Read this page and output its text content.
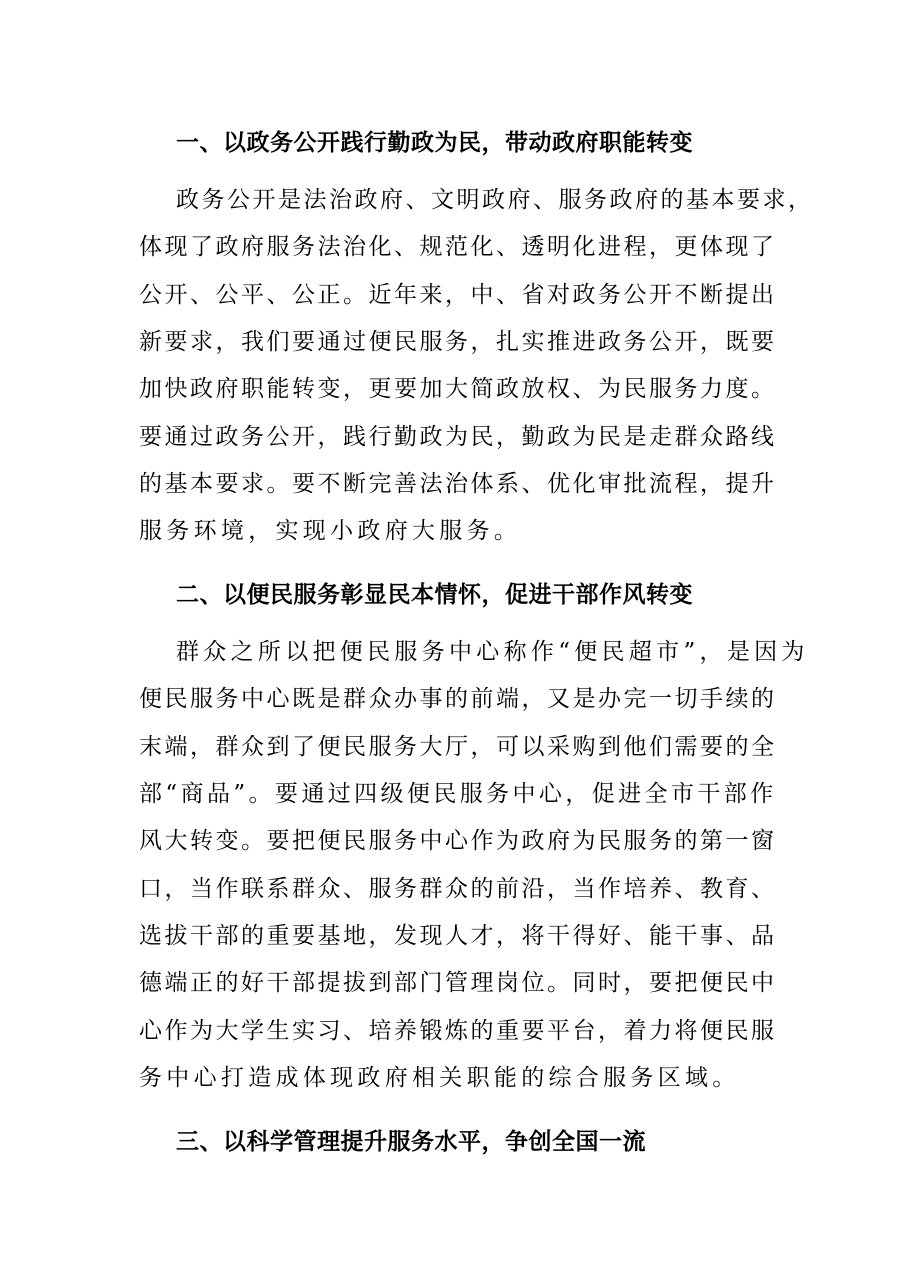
一、以政务公开践行勤政为民，带动政府职能转变
政务公开是法治政府、文明政府、服务政府的基本要求，
体现了政府服务法治化、规范化、透明化进程，更体现了
公开、公平、公正。近年来，中、省对政务公开不断提出
新要求，我们要通过便民服务，扎实推进政务公开，既要
加快政府职能转变，更要加大简政放权、为民服务力度。
要通过政务公开，践行勤政为民，勤政为民是走群众路线
的基本要求。要不断完善法治体系、优化审批流程，提升
服务环境，实现小政府大服务。
二、以便民服务彰显民本情怀，促进干部作风转变
群众之所以把便民服务中心称作“便民超市”，是因为
便民服务中心既是群众办事的前端，又是办完一切手续的
末端，群众到了便民服务大厅，可以采购到他们需要的全
部“商品”。要通过四级便民服务中心，促进全市干部作
风大转变。要把便民服务中心作为政府为民服务的第一窗
口，当作联系群众、服务群众的前沿，当作培养、教育、
选拔干部的重要基地，发现人才，将干得好、能干事、品
德端正的好干部提拔到部门管理岗位。同时，要把便民中
心作为大学生实习、培养锻炼的重要平台，着力将便民服
务中心打造成体现政府相关职能的综合服务区域。
三、以科学管理提升服务水平，争创全国一流
